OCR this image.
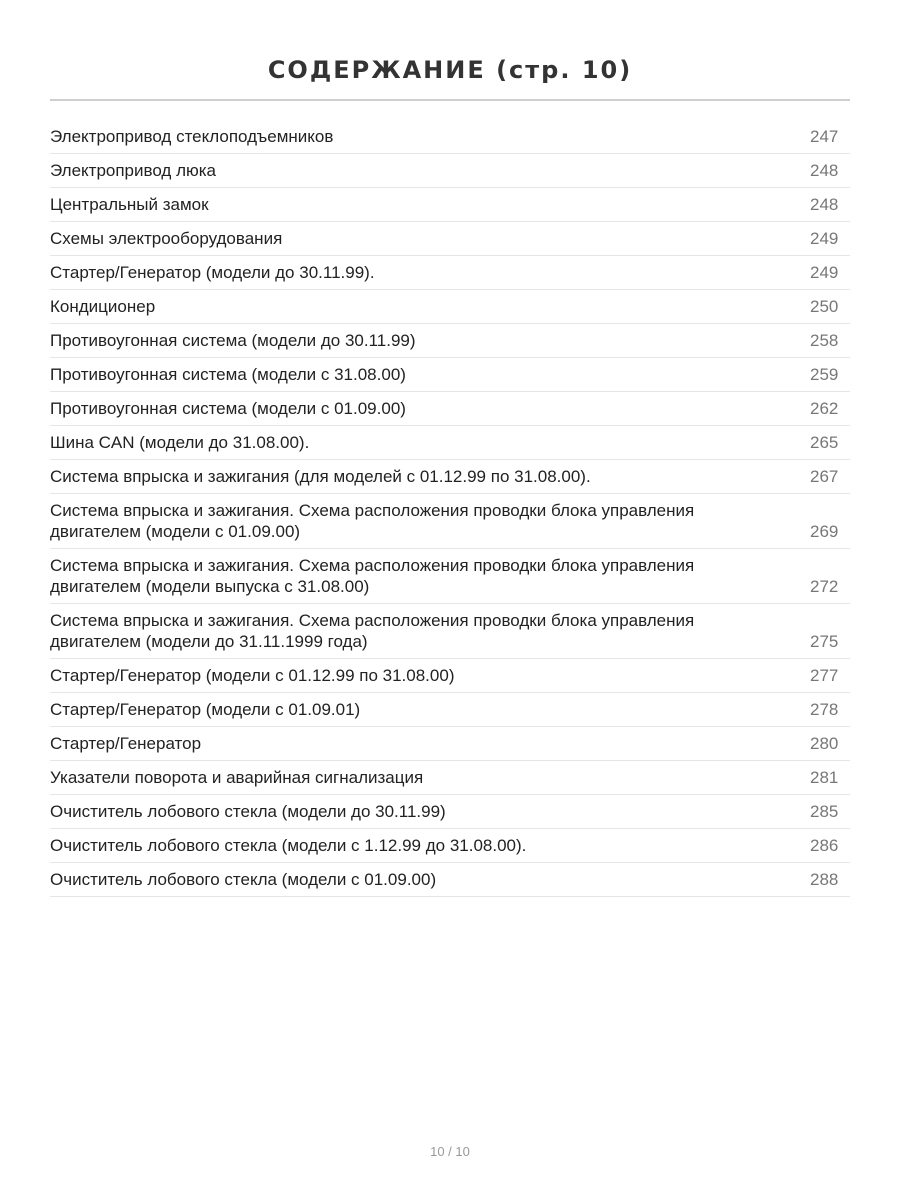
СОДЕРЖАНИЕ (стр. 10)
Электропривод стеклоподъемников	247
Электропривод люка	248
Центральный замок	248
Схемы электрооборудования	249
Стартер/Генератор (модели до 30.11.99).	249
Кондиционер	250
Противоугонная система (модели до 30.11.99)	258
Противоугонная система (модели с 31.08.00)	259
Противоугонная система (модели с 01.09.00)	262
Шина CAN (модели до 31.08.00).	265
Система впрыска и зажигания (для моделей с 01.12.99 по 31.08.00).	267
Система впрыска и зажигания. Схема расположения проводки блока управления двигателем (модели с 01.09.00)	269
Система впрыска и зажигания. Схема расположения проводки блока управления двигателем (модели выпуска с 31.08.00)	272
Система впрыска и зажигания. Схема расположения проводки блока управления двигателем (модели до 31.11.1999 года)	275
Стартер/Генератор (модели с 01.12.99 по 31.08.00)	277
Стартер/Генератор (модели с 01.09.01)	278
Стартер/Генератор	280
Указатели поворота и аварийная сигнализация	281
Очиститель лобового стекла (модели до 30.11.99)	285
Очиститель лобового стекла (модели с 1.12.99 до 31.08.00).	286
Очиститель лобового стекла (модели с 01.09.00)	288
10 / 10
